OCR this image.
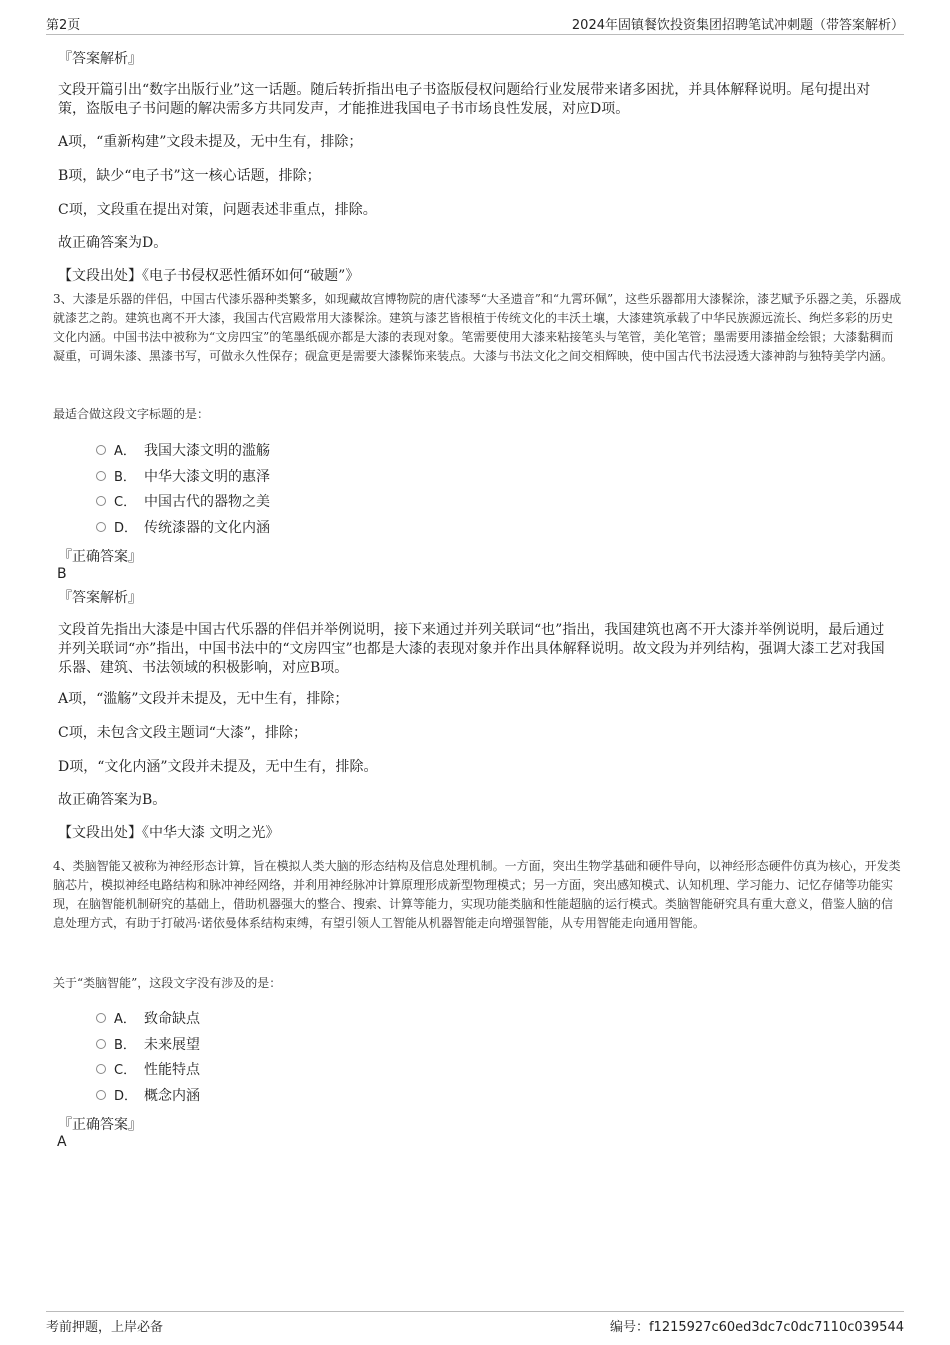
第2页	2024年固镇餐饮投资集团招聘笔试冲刺题（带答案解析）
『答案解析』
文段开篇引出“数字出版行业”这一话题。随后转折指出电子书盗版侵权问题给行业发展带来诸多困扰，并具体解释说明。尾句提出对策，盗版电子书问题的解决需多方共同发声，才能推进我国电子书市场良性发展，对应D项。
A项，“重新构建”文段未提及，无中生有，排除；
B项，缺少“电子书”这一核心话题，排除；
C项，文段重在提出对策，问题表述非重点，排除。
故正确答案为D。
【文段出处】《电子书侵权恶性循环如何“破题”》
3、大漆是乐器的伴侣，中国古代漆乐器种类繁多，如现藏故宫博物院的唐代漆琴“大圣遗音”和“九霄环佩”，这些乐器都用大漆髹涂，漆艺赋予乐器之美，乐器成就漆艺之韵。建筑也离不开大漆，我国古代宫殿常用大漆髹涂。建筑与漆艺皆根植于传统文化的丰沃土壤，大漆建筑承载了中华民族源远流长、绚烂多彩的历史文化内涵。中国书法中被称为“文房四宝”的笔墨纸砚亦都是大漆的表现对象。笔需要使用大漆来粘接笔头与笔管，美化笔管；墨需要用漆描金绘银；大漆黏稠而凝重，可调朱漆、黑漆书写，可做永久性保存；砚盒更是需要大漆髹饰来装点。大漆与书法文化之间交相辉映，使中国古代书法浸透大漆神韵与独特美学内涵。
最适合做这段文字标题的是：
A． 我国大漆文明的滥觞
B． 中华大漆文明的惠泽
C． 中国古代的器物之美
D． 传统漆器的文化内涵
『正确答案』
B
『答案解析』
文段首先指出大漆是中国古代乐器的伴侣并举例说明，接下来通过并列关联词“也”指出，我国建筑也离不开大漆并举例说明，最后通过并列关联词“亦”指出，中国书法中的“文房四宝”也都是大漆的表现对象并作出具体解释说明。故文段为并列结构，强调大漆工艺对我国乐器、建筑、书法领域的积极影响，对应B项。
A项，“滥觞”文段并未提及，无中生有，排除；
C项，未包含文段主题词“大漆”，排除；
D项，“文化内涵”文段并未提及，无中生有，排除。
故正确答案为B。
【文段出处】《中华大漆 文明之光》
4、类脑智能又被称为神经形态计算，旨在模拟人类大脑的形态结构及信息处理机制。一方面，突出生物学基础和硬件导向，以神经形态硬件仿真为核心，开发类脑芯片，模拟神经电路结构和脉冲神经网络，并利用神经脉冲计算原理形成新型物理模式；另一方面，突出感知模式、认知机理、学习能力、记忆存储等功能实现，在脑智能机制研究的基础上，借助机器强大的整合、搜索、计算等能力，实现功能类脑和性能超脑的运行模式。类脑智能研究具有重大意义，借鉴人脑的信息处理方式，有助于打破冯·诺依曼体系结构束缚，有望引领人工智能从机器智能走向增强智能，从专用智能走向通用智能。
关于“类脑智能”，这段文字没有涉及的是：
A． 致命缺点
B． 未来展望
C． 性能特点
D． 概念内涵
『正确答案』
A
考前押题，上岸必备	编号：f1215927c60ed3dc7c0dc7110c039544
